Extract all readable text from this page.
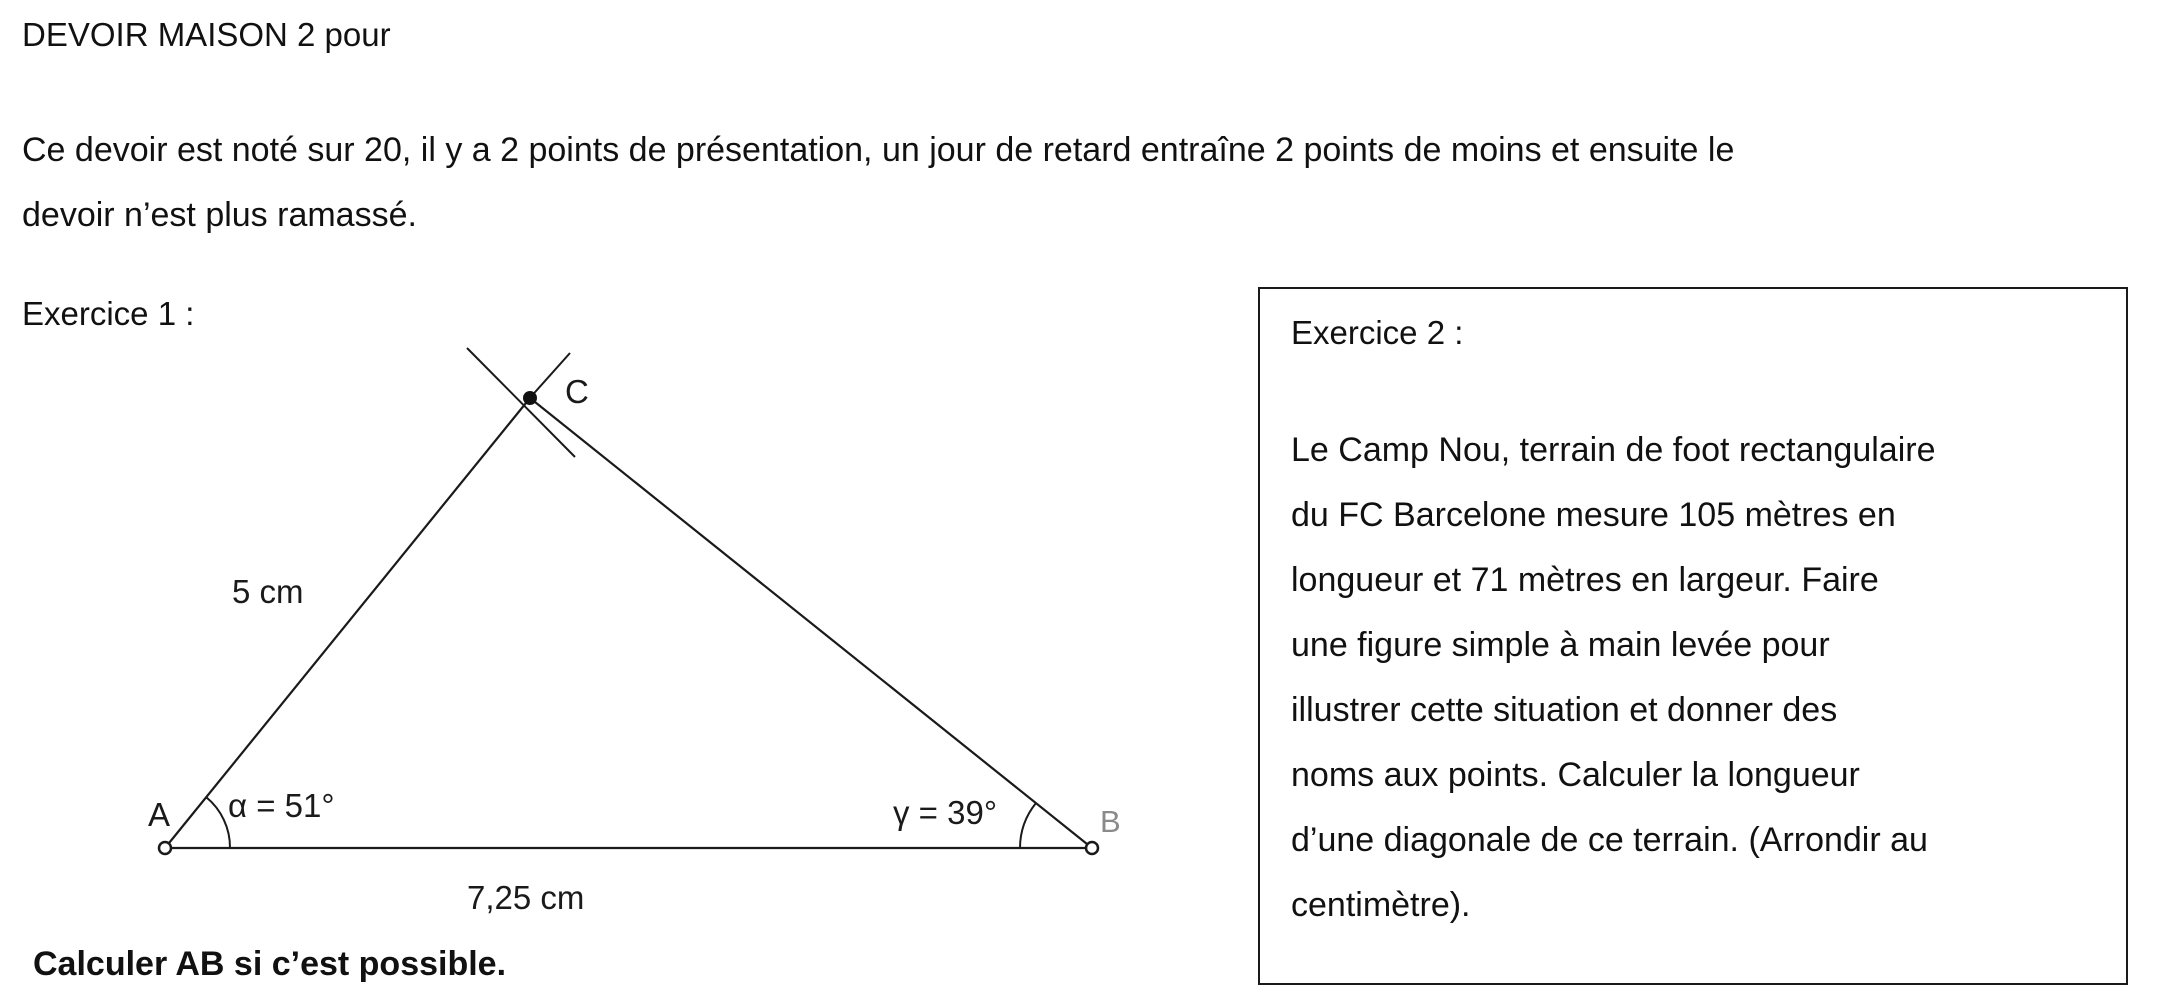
DEVOIR MAISON 2 pour

Ce devoir est noté sur 20, il y a 2 points de présentation, un jour de retard entraîne 2 points de moins et ensuite le
devoir n’est plus ramassé.

Exercice 1 :

A	B
C
5 cm
7,25 cm
α = 51°	γ = 39°

Calculer AB si c’est possible.

Exercice 2 :

Le Camp Nou, terrain de foot rectangulaire
du FC Barcelone mesure 105 mètres en
longueur et 71 mètres en largeur. Faire
une figure simple à main levée pour
illustrer cette situation et donner des
noms aux points. Calculer la longueur
d’une diagonale de ce terrain. (Arrondir au
centimètre).
